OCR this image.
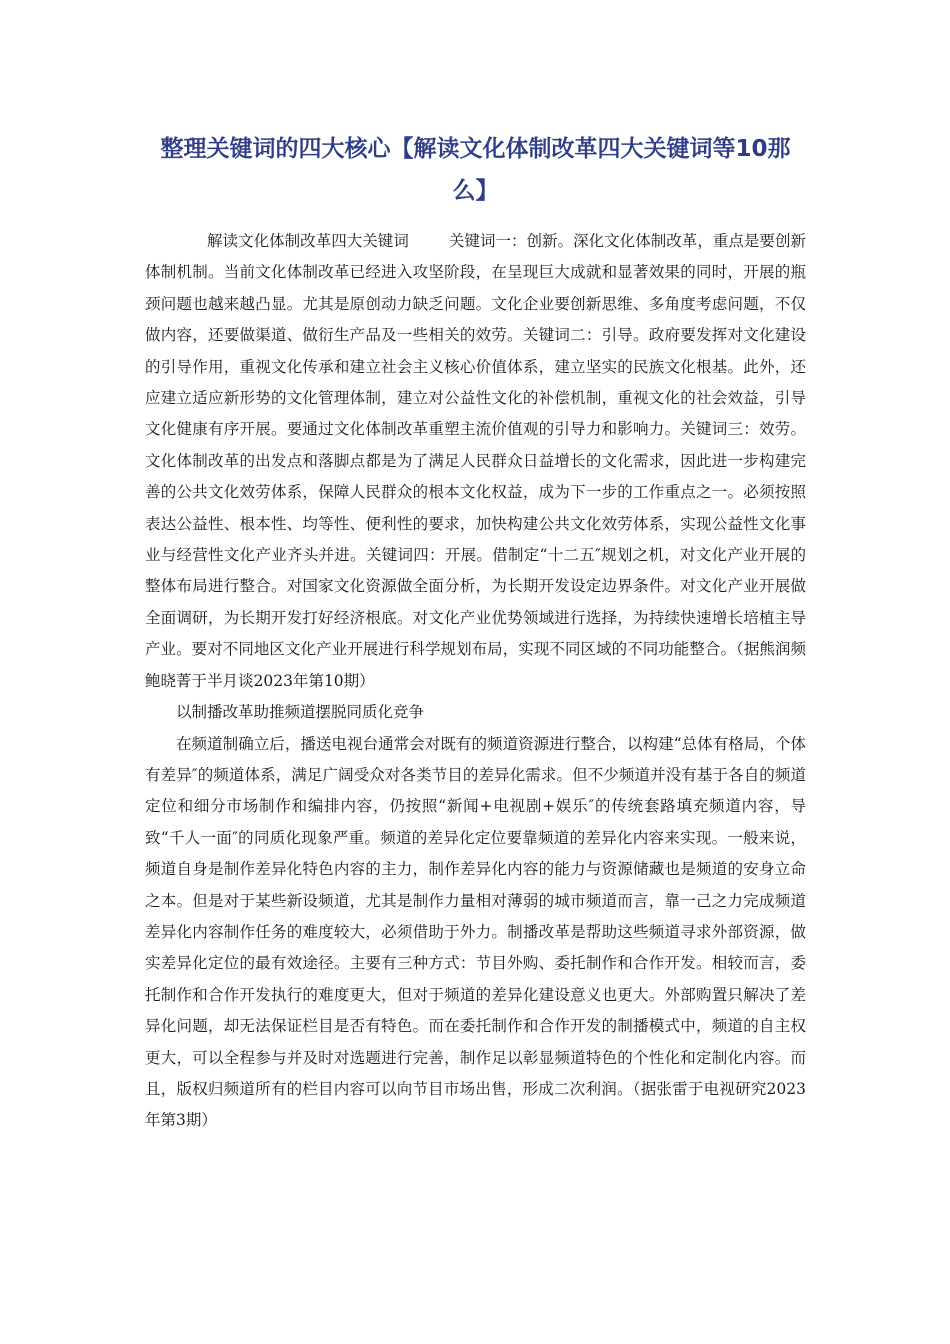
整理关键词的四大核心【解读文化体制改革四大关键词等10那么】

解读文化体制改革四大关键词	关键词一：创新。深化文化体制改革，重点是要创新体制机制。当前文化体制改革已经进入攻坚阶段，在呈现巨大成就和显著效果的同时，开展的瓶颈问题也越来越凸显。尤其是原创动力缺乏问题。文化企业要创新思维、多角度考虑问题，不仅做内容，还要做渠道、做衍生产品及一些相关的效劳。关键词二：引导。政府要发挥对文化建设的引导作用，重视文化传承和建立社会主义核心价值体系，建立坚实的民族文化根基。此外，还应建立适应新形势的文化管理体制，建立对公益性文化的补偿机制，重视文化的社会效益，引导文化健康有序开展。要通过文化体制改革重塑主流价值观的引导力和影响力。关键词三：效劳。文化体制改革的出发点和落脚点都是为了满足人民群众日益增长的文化需求，因此进一步构建完善的公共文化效劳体系，保障人民群众的根本文化权益，成为下一步的工作重点之一。必须按照表达公益性、根本性、均等性、便利性的要求，加快构建公共文化效劳体系，实现公益性文化事业与经营性文化产业齐头并进。关键词四：开展。借制定“十二五″规划之机，对文化产业开展的整体布局进行整合。对国家文化资源做全面分析，为长期开发设定边界条件。对文化产业开展做全面调研，为长期开发打好经济根底。对文化产业优势领域进行选择，为持续快速增长培植主导产业。要对不同地区文化产业开展进行科学规划布局，实现不同区域的不同功能整合。（据熊润频 鲍晓菁于半月谈2023年第10期）

以制播改革助推频道摆脱同质化竞争

在频道制确立后，播送电视台通常会对既有的频道资源进行整合，以构建“总体有格局，个体有差异″的频道体系，满足广阔受众对各类节目的差异化需求。但不少频道并没有基于各自的频道定位和细分市场制作和编排内容，仍按照“新闻+电视剧+娱乐″的传统套路填充频道内容，导致“千人一面″的同质化现象严重。频道的差异化定位要靠频道的差异化内容来实现。一般来说，频道自身是制作差异化特色内容的主力，制作差异化内容的能力与资源储藏也是频道的安身立命之本。但是对于某些新设频道，尤其是制作力量相对薄弱的城市频道而言，靠一己之力完成频道差异化内容制作任务的难度较大，必须借助于外力。制播改革是帮助这些频道寻求外部资源，做实差异化定位的最有效途径。主要有三种方式：节目外购、委托制作和合作开发。相较而言，委托制作和合作开发执行的难度更大，但对于频道的差异化建设意义也更大。外部购置只解决了差异化问题，却无法保证栏目是否有特色。而在委托制作和合作开发的制播模式中，频道的自主权更大，可以全程参与并及时对选题进行完善，制作足以彰显频道特色的个性化和定制化内容。而且，版权归频道所有的栏目内容可以向节目市场出售，形成二次利润。（据张雷于电视研究2023年第3期）
